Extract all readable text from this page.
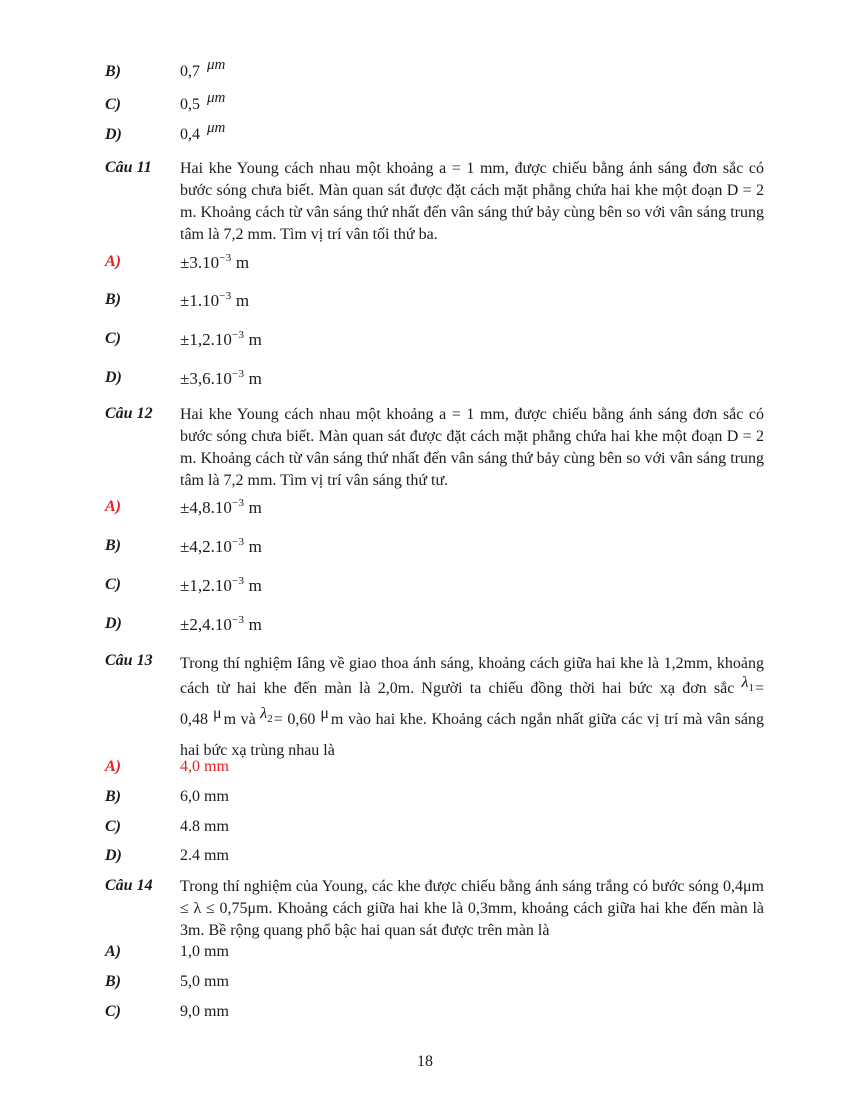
B)	0,7 μm
C)	0,5 μm
D)	0,4 μm
Câu 11 Hai khe Young cách nhau một khoảng a = 1 mm, được chiếu bằng ánh sáng đơn sắc có bước sóng chưa biết. Màn quan sát được đặt cách mặt phẳng chứa hai khe một đoạn D = 2 m. Khoảng cách từ vân sáng thứ nhất đến vân sáng thứ bảy cùng bên so với vân sáng trung tâm là 7,2 mm. Tìm vị trí vân tối thứ ba.
A)	$\pm 3.10^{-3}$ m
B)	$\pm 1.10^{-3}$ m
C)	$\pm 1,2.10^{-3}$ m
D)	$\pm 3,6.10^{-3}$ m
Câu 12 Hai khe Young cách nhau một khoảng a = 1 mm, được chiếu bằng ánh sáng đơn sắc có bước sóng chưa biết. Màn quan sát được đặt cách mặt phẳng chứa hai khe một đoạn D = 2 m. Khoảng cách từ vân sáng thứ nhất đến vân sáng thứ bảy cùng bên so với vân sáng trung tâm là 7,2 mm. Tìm vị trí vân sáng thứ tư.
A)	$\pm 4,8.10^{-3}$ m
B)	$\pm 4,2.10^{-3}$ m
C)	$\pm 1,2.10^{-3}$ m
D)	$\pm 2,4.10^{-3}$ m
Câu 13 Trong thí nghiệm Iâng về giao thoa ánh sáng, khoảng cách giữa hai khe là 1,2mm, khoảng cách từ hai khe đến màn là 2,0m. Người ta chiếu đồng thời hai bức xạ đơn sắc $\lambda_1= 0,48$ μ m và $\lambda_2= 0,60$ μ m vào hai khe. Khoảng cách ngắn nhất giữa các vị trí mà vân sáng hai bức xạ trùng nhau là
A)	4,0 mm
B)	6,0 mm
C)	4.8 mm
D)	2.4 mm
Câu 14 Trong thí nghiệm của Young, các khe được chiếu bằng ánh sáng trắng có bước sóng 0,4μm ≤ λ ≤ 0,75μm. Khoảng cách giữa hai khe là 0,3mm, khoảng cách giữa hai khe đến màn là 3m. Bề rộng quang phổ bậc hai quan sát được trên màn là
A)	1,0 mm
B)	5,0 mm
C)	9,0 mm
18
